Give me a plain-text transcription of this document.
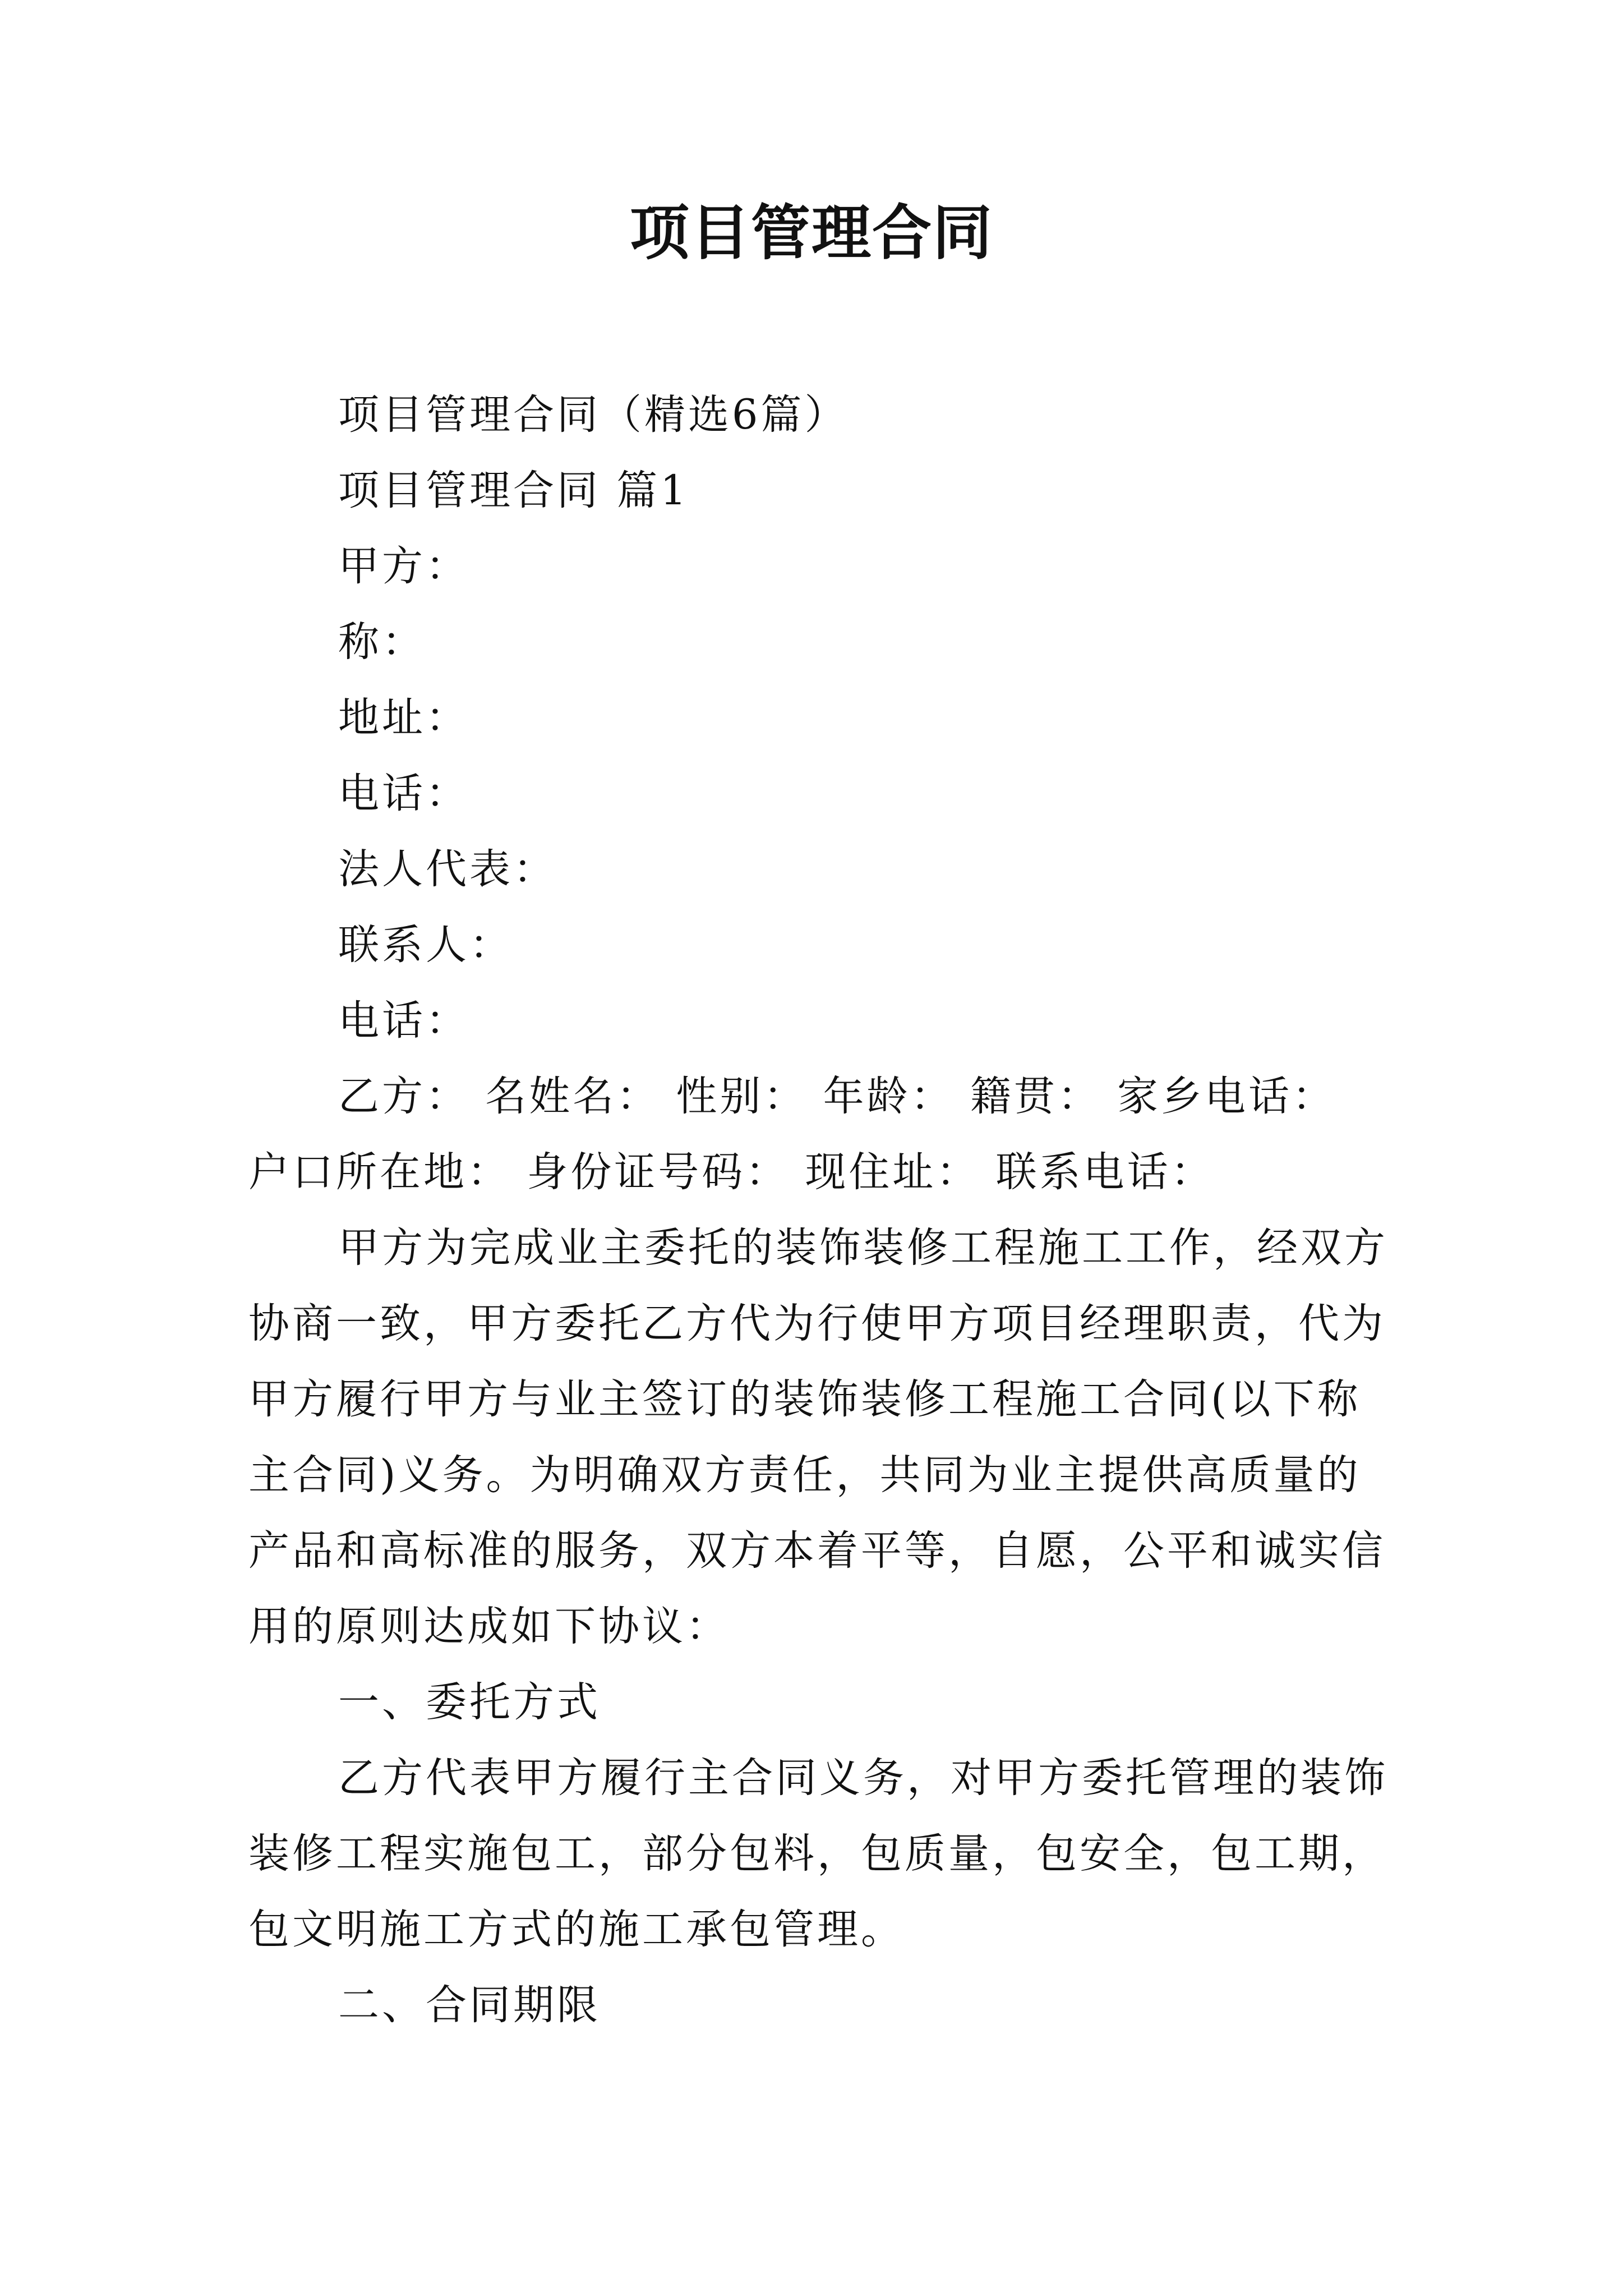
项目管理合同

项目管理合同（精选6篇）

项目管理合同 篇1

甲方：

称：

地址：

电话：

法人代表：

联系人：

电话：

乙方： 名姓名： 性别： 年龄： 籍贯： 家乡电话：

户口所在地： 身份证号码： 现住址： 联系电话：

甲方为完成业主委托的装饰装修工程施工工作，经双方

协商一致，甲方委托乙方代为行使甲方项目经理职责，代为

甲方履行甲方与业主签订的装饰装修工程施工合同(以下称

主合同)义务。为明确双方责任，共同为业主提供高质量的

产品和高标准的服务，双方本着平等，自愿，公平和诚实信

用的原则达成如下协议：

一、委托方式

乙方代表甲方履行主合同义务，对甲方委托管理的装饰

装修工程实施包工，部分包料，包质量，包安全，包工期，

包文明施工方式的施工承包管理。

二、合同期限
